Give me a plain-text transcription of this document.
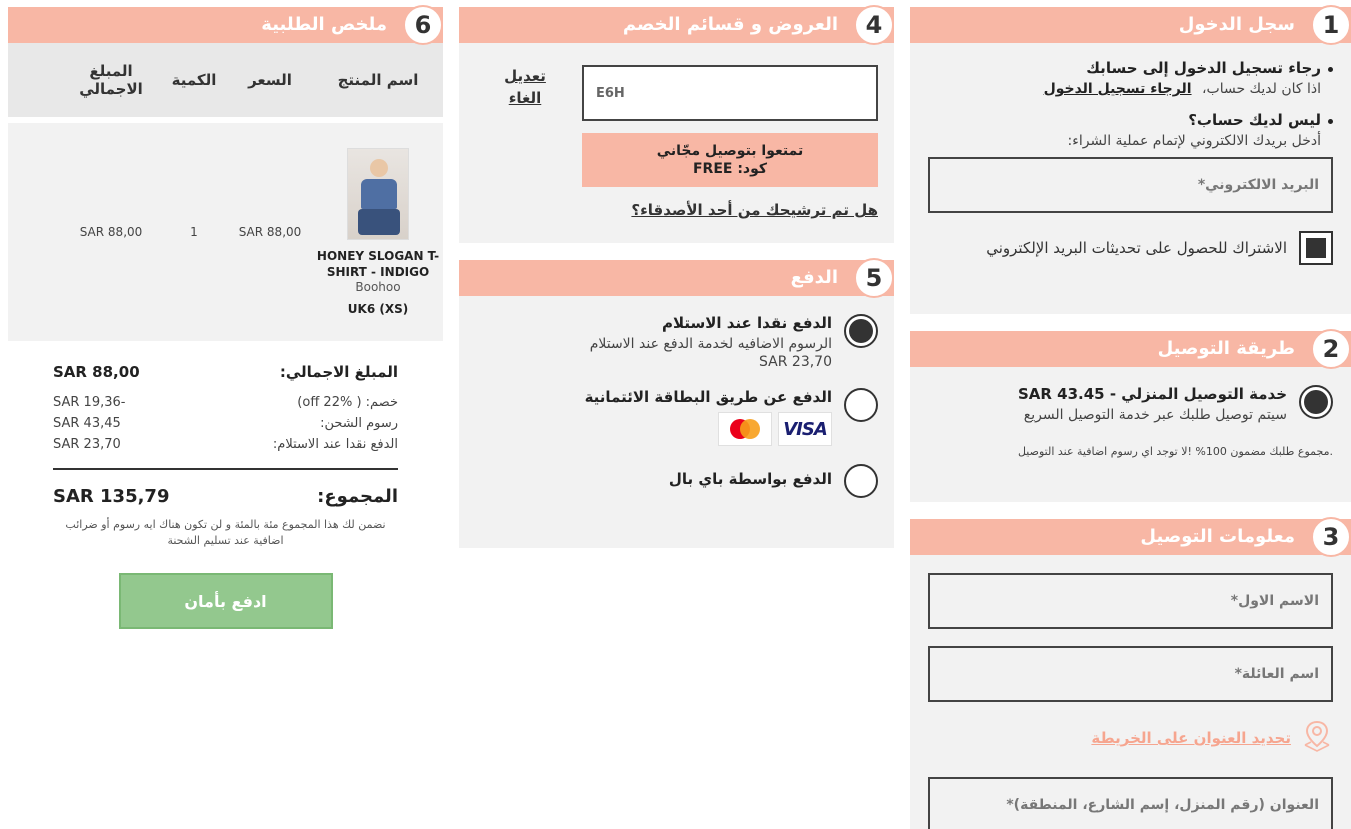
1
سجل الدخول
رجاء تسجيل الدخول إلى حسابك
اذا كان لديك حساب، الرجاء تسجيل الدخول
ليس لديك حساب؟
أدخل بريدك الالكتروني لإتمام عملية الشراء:
البريد الالكتروني*
الاشتراك للحصول على تحديثات البريد الإلكتروني
2
طريقة التوصيل
خدمة التوصيل المنزلي - SAR 43.45
سيتم توصيل طلبك عبر خدمة التوصيل السريع
.مجموع طلبك مضمون 100% !لا توجد اي رسوم اضافية عند التوصيل
3
معلومات التوصيل
الاسم الاول*
اسم العائلة*
تحديد العنوان على الخريطة
العنوان (رقم المنزل، إسم الشارع، المنطقة)*
4
العروض و قسائم الخصم
E6H
تمتعوا بتوصيل مجّاني
كود: FREE
هل تم ترشيحك من أحد الأصدقاء؟
تعديل
الغاء
5
الدفع
الدفع نقدا عند الاستلام
الرسوم الاضافيه لخدمة الدفع عند الاستلام
SAR 23,70
الدفع عن طريق البطاقة الائتمانية
VISA
الدفع بواسطة باي بال
6
ملخص الطلبية
اسم المنتج
السعر
الكمية
المبلغ الاجمالي
HONEY SLOGAN T-SHIRT - INDIGO
Boohoo
UK6 (XS)
SAR 88,00
1
SAR 88,00
المبلغ الاجمالي:
SAR 88,00
خصم: ( off 22%)
-SAR 19,36
رسوم الشحن:
SAR 43,45
الدفع نقدا عند الاستلام:
SAR 23,70
المجموع:
SAR 135,79
نضمن لك هذا المجموع مئة بالمئة و لن تكون هناك ايه رسوم أو ضرائب اضافية عند تسليم الشحنة
ادفع بأمان
